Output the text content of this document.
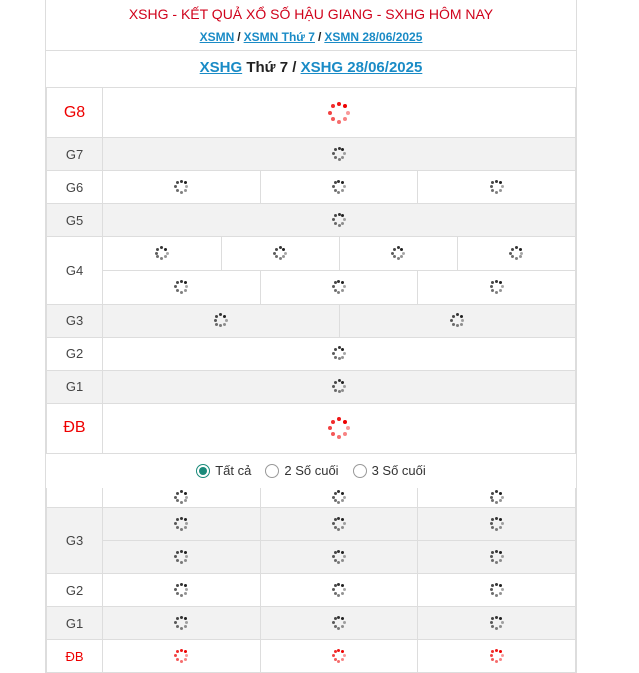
XSHG - KẾT QUẢ XỔ SỐ HẬU GIANG - SXHG HÔM NAY
XSMN / XSMN Thứ 7 / XSMN 28/06/2025
XSHG Thứ 7 / XSHG 28/06/2025
G8	

G7	

G6	

G5	

G4	

G3	

G2	

G1	

ĐB	
Tất cả	2 Số cuối	3 Số cuối

G3	

G2	

G1	

ĐB	
